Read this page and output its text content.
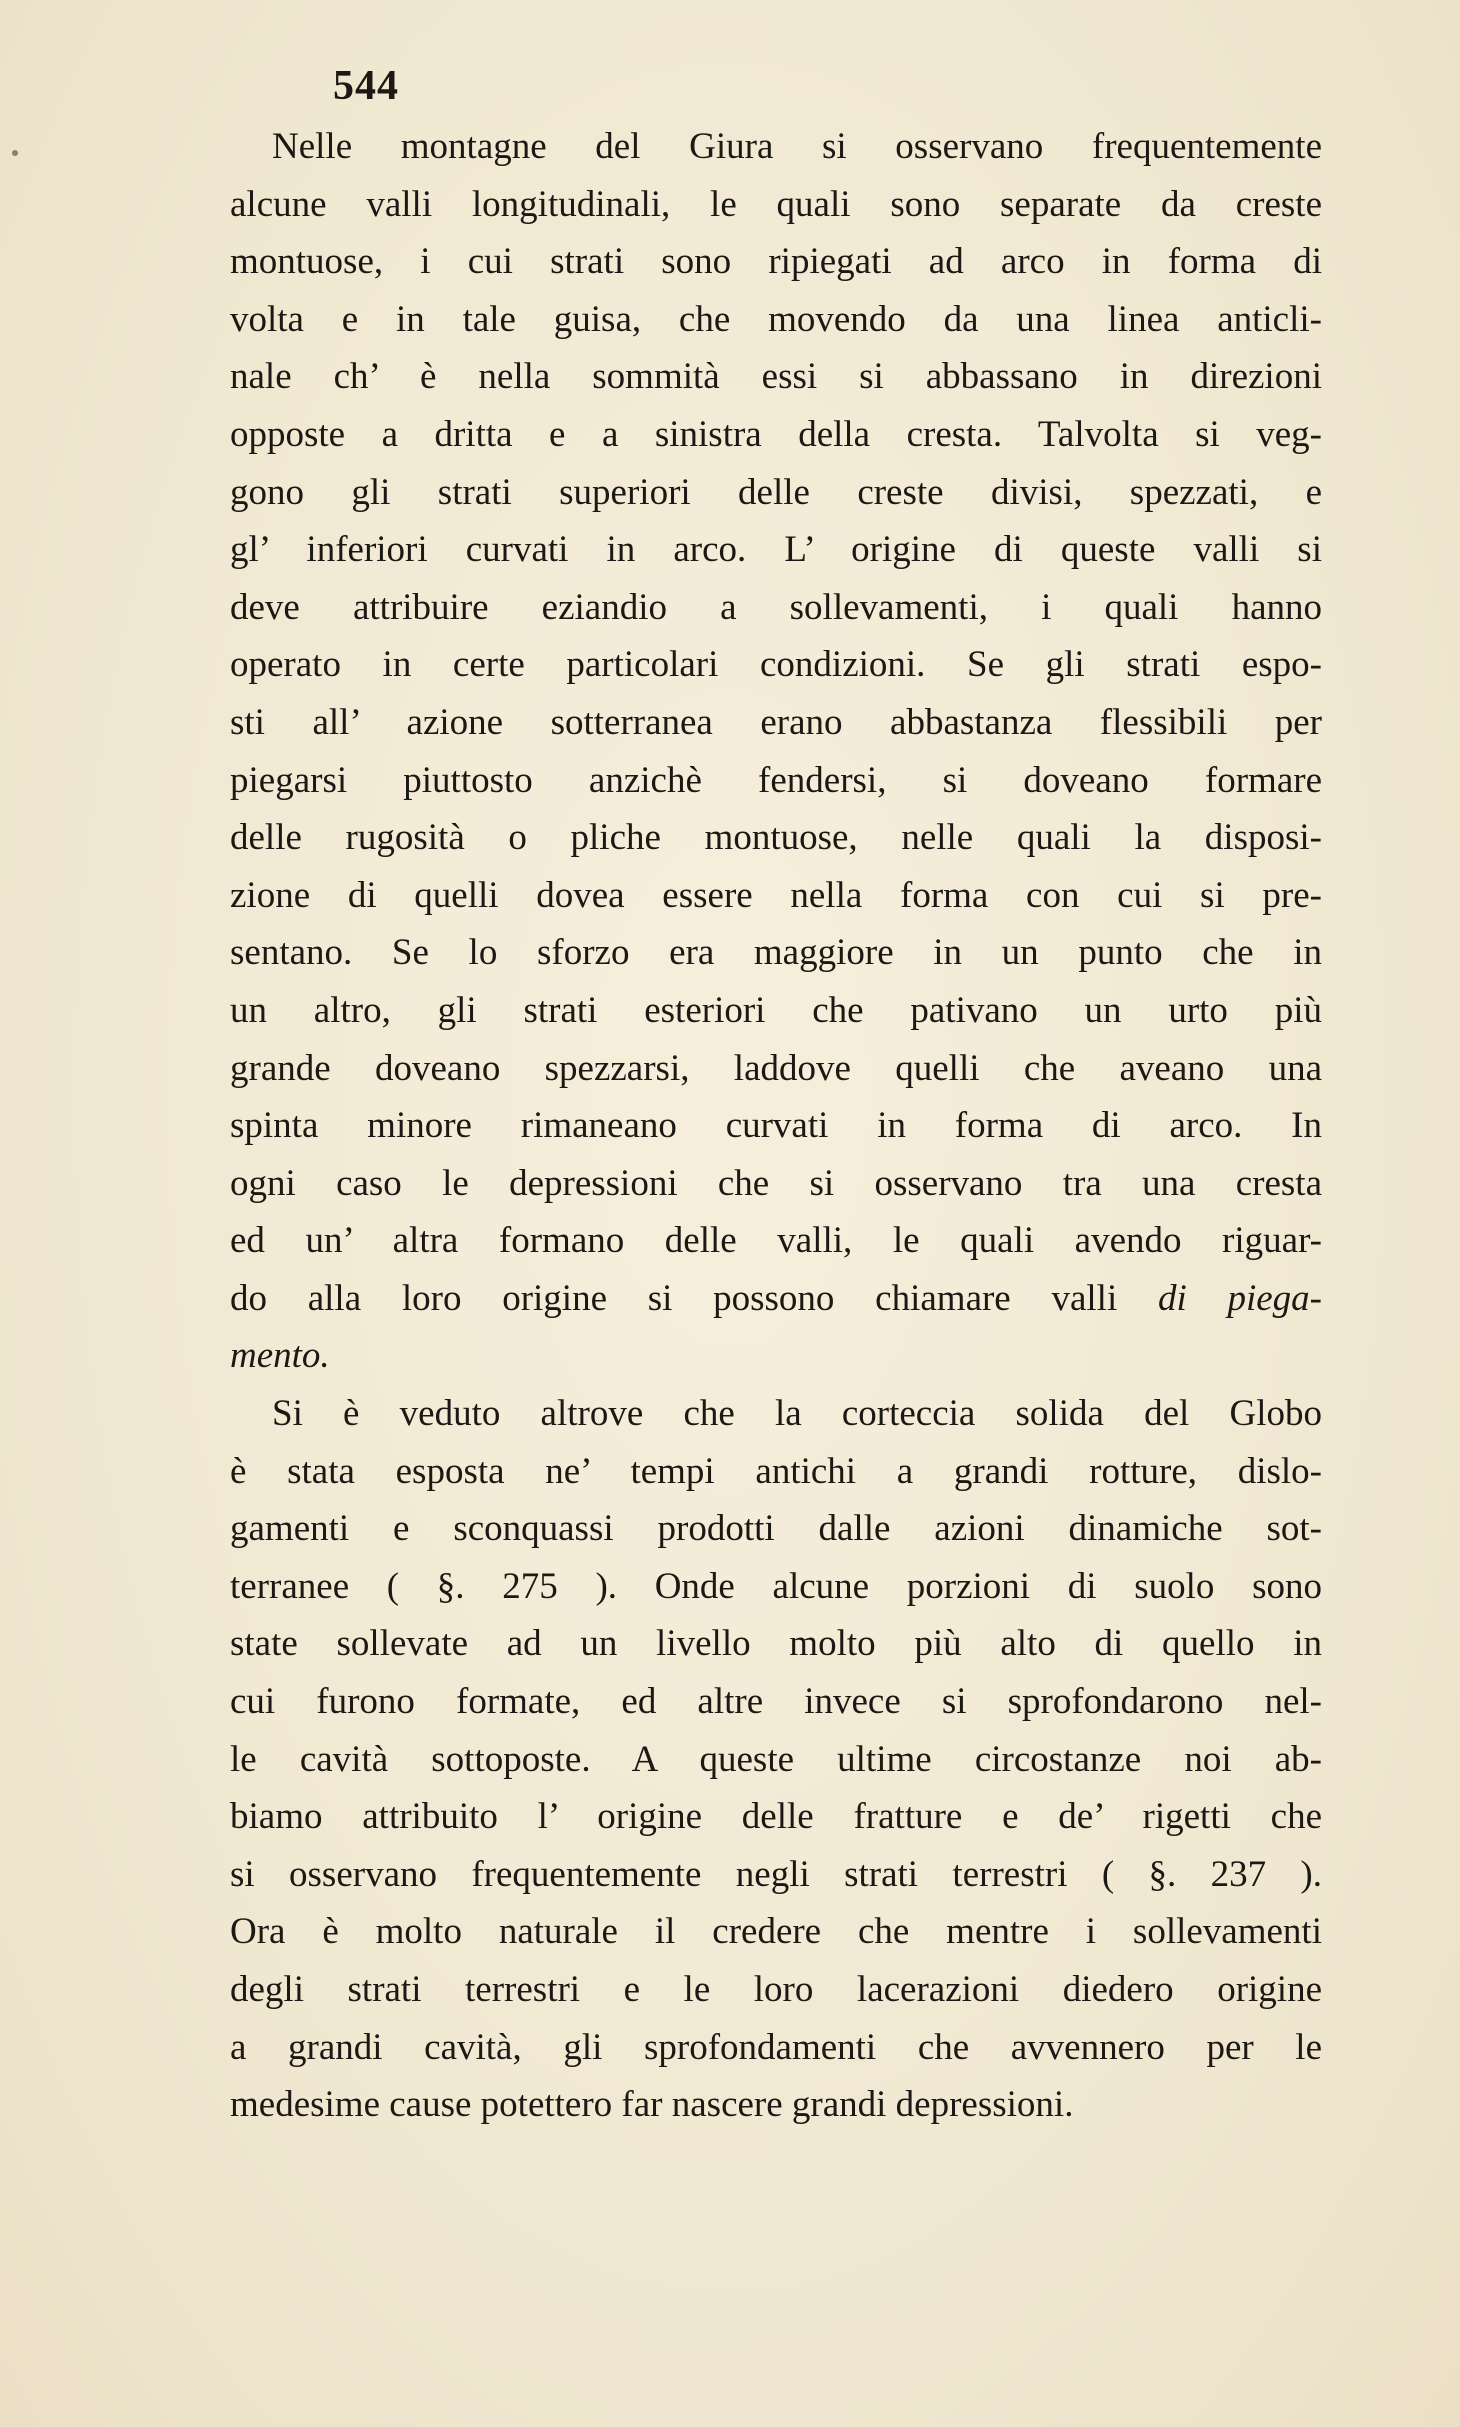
544
Nelle montagne del Giura si osservano frequentemente
alcune valli longitudinali, le quali sono separate da creste
montuose, i cui strati sono ripiegati ad arco in forma di
volta e in tale guisa, che movendo da una linea anticli-
nale ch’ è nella sommità essi si abbassano in direzioni
opposte a dritta e a sinistra della cresta. Talvolta si veg-
gono gli strati superiori delle creste divisi, spezzati, e
gl’ inferiori curvati in arco. L’ origine di queste valli si
deve attribuire eziandio a sollevamenti, i quali hanno
operato in certe particolari condizioni. Se gli strati espo-
sti all’ azione sotterranea erano abbastanza flessibili per
piegarsi piuttosto anzichè fendersi, si doveano formare
delle rugosità o pliche montuose, nelle quali la disposi-
zione di quelli dovea essere nella forma con cui si pre-
sentano. Se lo sforzo era maggiore in un punto che in
un altro, gli strati esteriori che pativano un urto più
grande doveano spezzarsi, laddove quelli che aveano una
spinta minore rimaneano curvati in forma di arco. In
ogni caso le depressioni che si osservano tra una cresta
ed un’ altra formano delle valli, le quali avendo riguar-
do alla loro origine si possono chiamare valli di piega-
mento.
Si è veduto altrove che la corteccia solida del Globo
è stata esposta ne’ tempi antichi a grandi rotture, dislo-
gamenti e sconquassi prodotti dalle azioni dinamiche sot-
terranee ( §. 275 ). Onde alcune porzioni di suolo sono
state sollevate ad un livello molto più alto di quello in
cui furono formate, ed altre invece si sprofondarono nel-
le cavità sottoposte. A queste ultime circostanze noi ab-
biamo attribuito l’ origine delle fratture e de’ rigetti che
si osservano frequentemente negli strati terrestri ( §. 237 ).
Ora è molto naturale il credere che mentre i sollevamenti
degli strati terrestri e le loro lacerazioni diedero origine
a grandi cavità, gli sprofondamenti che avvennero per le
medesime cause potettero far nascere grandi depressioni.
